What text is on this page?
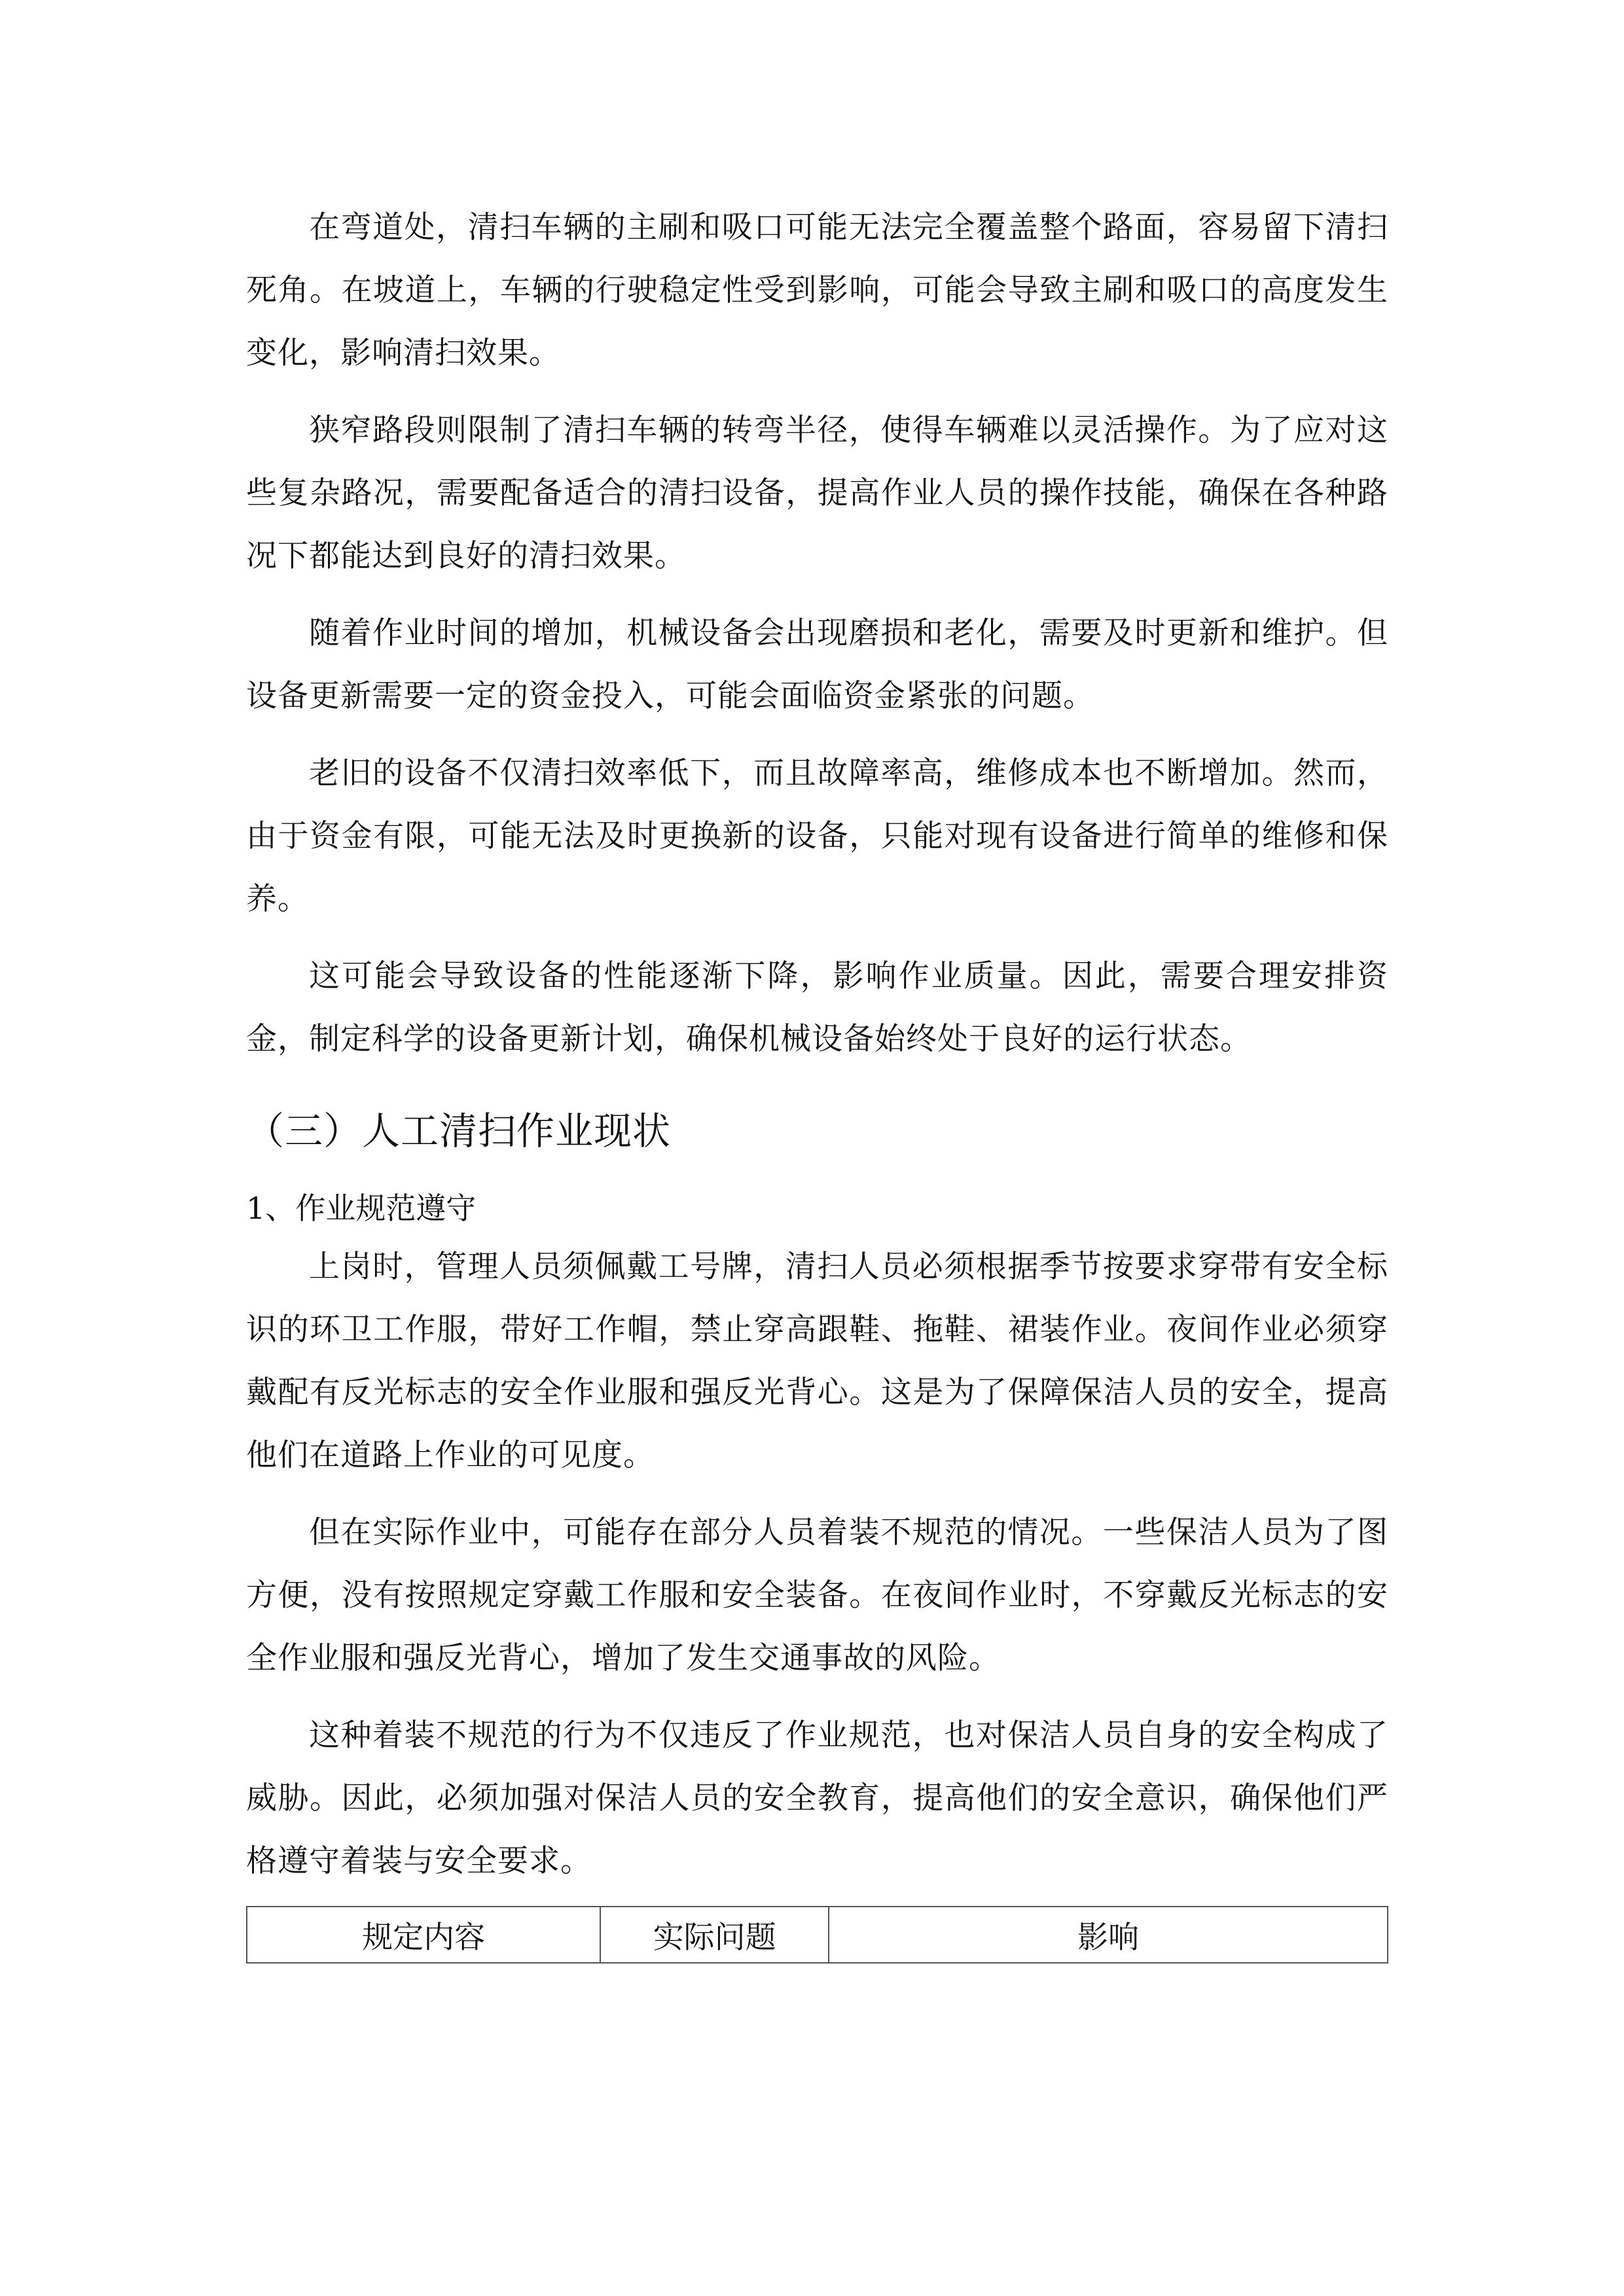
在弯道处，清扫车辆的主刷和吸口可能无法完全覆盖整个路面，容易留下清扫死角。在坡道上，车辆的行驶稳定性受到影响，可能会导致主刷和吸口的高度发生变化，影响清扫效果。

狭窄路段则限制了清扫车辆的转弯半径，使得车辆难以灵活操作。为了应对这些复杂路况，需要配备适合的清扫设备，提高作业人员的操作技能，确保在各种路况下都能达到良好的清扫效果。

随着作业时间的增加，机械设备会出现磨损和老化，需要及时更新和维护。但设备更新需要一定的资金投入，可能会面临资金紧张的问题。

老旧的设备不仅清扫效率低下，而且故障率高，维修成本也不断增加。然而，由于资金有限，可能无法及时更换新的设备，只能对现有设备进行简单的维修和保养。

这可能会导致设备的性能逐渐下降，影响作业质量。因此，需要合理安排资金，制定科学的设备更新计划，确保机械设备始终处于良好的运行状态。

（三）人工清扫作业现状
1、作业规范遵守

上岗时，管理人员须佩戴工号牌，清扫人员必须根据季节按要求穿带有安全标识的环卫工作服，带好工作帽，禁止穿高跟鞋、拖鞋、裙装作业。夜间作业必须穿戴配有反光标志的安全作业服和强反光背心。这是为了保障保洁人员的安全，提高他们在道路上作业的可见度。

但在实际作业中，可能存在部分人员着装不规范的情况。一些保洁人员为了图方便，没有按照规定穿戴工作服和安全装备。在夜间作业时，不穿戴反光标志的安全作业服和强反光背心，增加了发生交通事故的风险。

这种着装不规范的行为不仅违反了作业规范，也对保洁人员自身的安全构成了威胁。因此，必须加强对保洁人员的安全教育，提高他们的安全意识，确保他们严格遵守着装与安全要求。

规定内容	实际问题	影响
